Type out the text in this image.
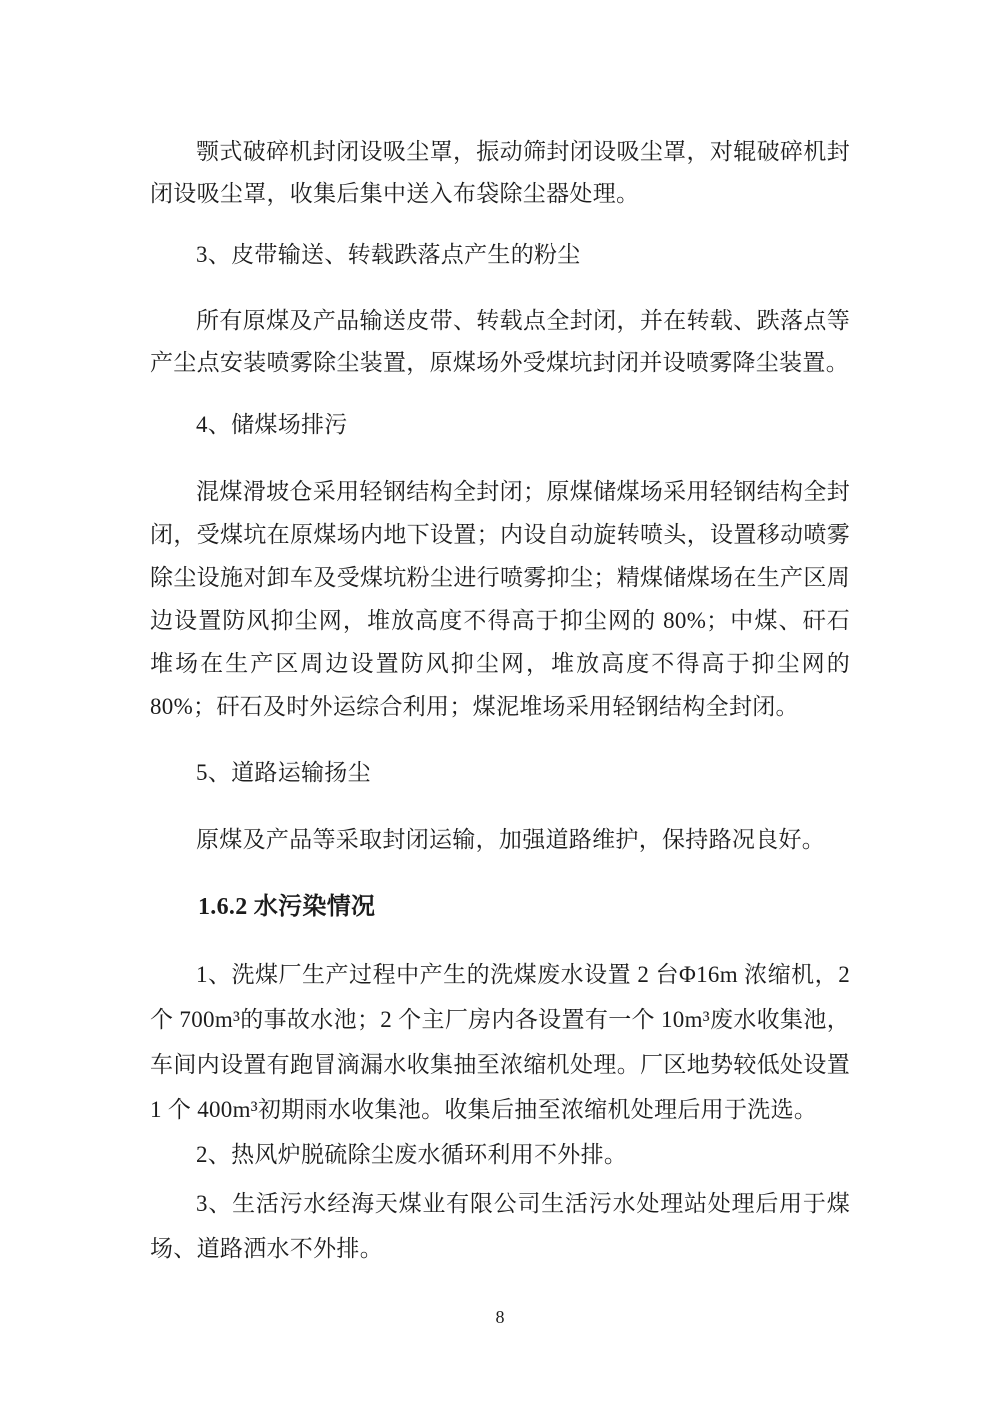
颚式破碎机封闭设吸尘罩，振动筛封闭设吸尘罩，对辊破碎机封闭设吸尘罩，收集后集中送入布袋除尘器处理。

3、皮带输送、转载跌落点产生的粉尘

所有原煤及产品输送皮带、转载点全封闭，并在转载、跌落点等产尘点安装喷雾除尘装置，原煤场外受煤坑封闭并设喷雾降尘装置。

4、储煤场排污

混煤滑坡仓采用轻钢结构全封闭；原煤储煤场采用轻钢结构全封闭，受煤坑在原煤场内地下设置；内设自动旋转喷头，设置移动喷雾除尘设施对卸车及受煤坑粉尘进行喷雾抑尘；精煤储煤场在生产区周边设置防风抑尘网，堆放高度不得高于抑尘网的 80%；中煤、矸石堆场在生产区周边设置防风抑尘网，堆放高度不得高于抑尘网的 80%；矸石及时外运综合利用；煤泥堆场采用轻钢结构全封闭。

5、道路运输扬尘

原煤及产品等采取封闭运输，加强道路维护，保持路况良好。

1.6.2 水污染情况

1、洗煤厂生产过程中产生的洗煤废水设置 2 台Φ16m 浓缩机，2 个 700m³的事故水池；2 个主厂房内各设置有一个 10m³废水收集池，车间内设置有跑冒滴漏水收集抽至浓缩机处理。厂区地势较低处设置 1 个 400m³初期雨水收集池。收集后抽至浓缩机处理后用于洗选。

2、热风炉脱硫除尘废水循环利用不外排。

3、生活污水经海天煤业有限公司生活污水处理站处理后用于煤场、道路洒水不外排。

8
